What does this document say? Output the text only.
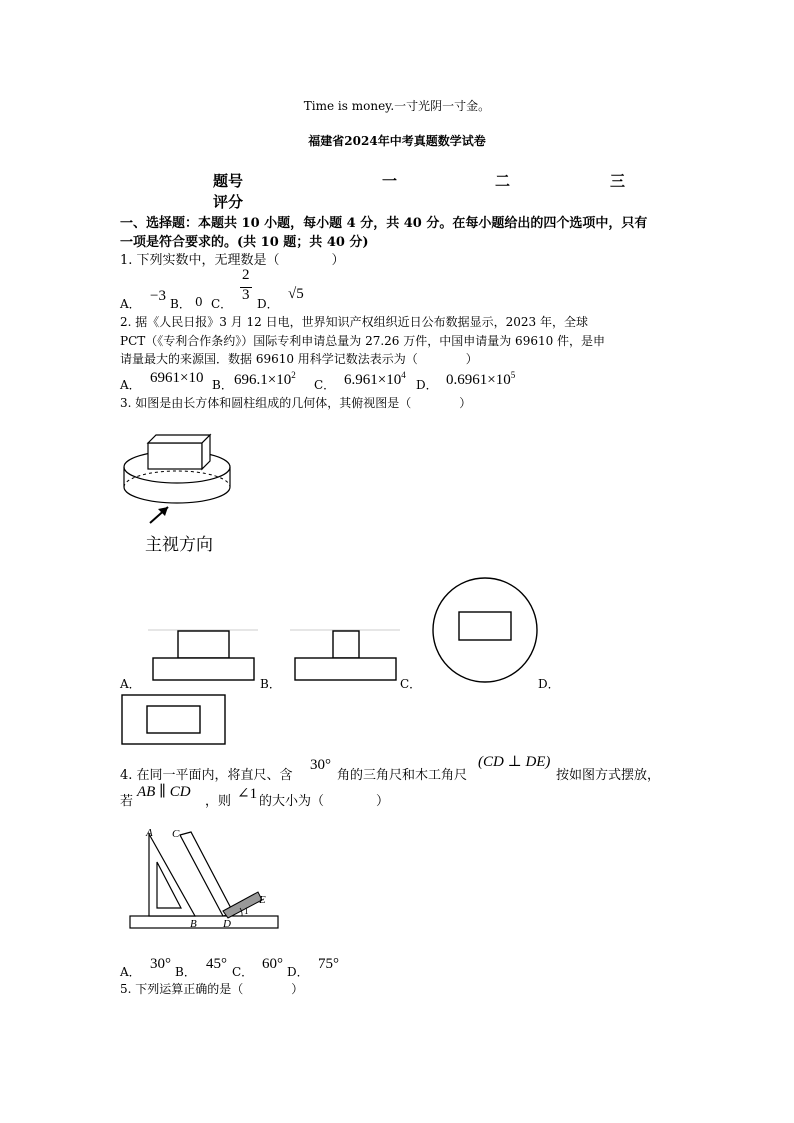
Time is money.一寸光阴一寸金。
福建省2024年中考真题数学试卷
题号	一	二	三
评分
一、选择题：本题共 10 小题，每小题 4 分，共 40 分。在每小题给出的四个选项中，只有
一项是符合要求的。(共 10 题；共 40 分)
1. 下列实数中，无理数是（　　　　）
A． −3 B． 0 C．
2
3
D．
√5
2. 据《人民日报》3 月 12 日电，世界知识产权组织近日公布数据显示，2023 年，全球
PCT（《专利合作条约》）国际专利申请总量为 27.26 万件，中国申请量为 69610 件，是申
请量最大的来源国．数据 69610 用科学记数法表示为（　　　　）
A． 6961×10 B． $696.1\times 10^2$
C． $6.961\times 10^4$
D． $0.6961\times 10^5$
3. 如图是由长方体和圆柱组成的几何体，其俯视图是（　　　　）
主视方向
A．	B．	C．	D．
4. 在同一平面内，将直尺、含
30°
角的三角尺和木工角尺
(CD ⊥ DE)
按如图方式摆放，
若
AB ∥ CD
，则 ∠1 的大小为（　　　　）
A C
B D
E
1
A． 30° B． 45° C． 60° D． 75°
5. 下列运算正确的是（　　　　）
